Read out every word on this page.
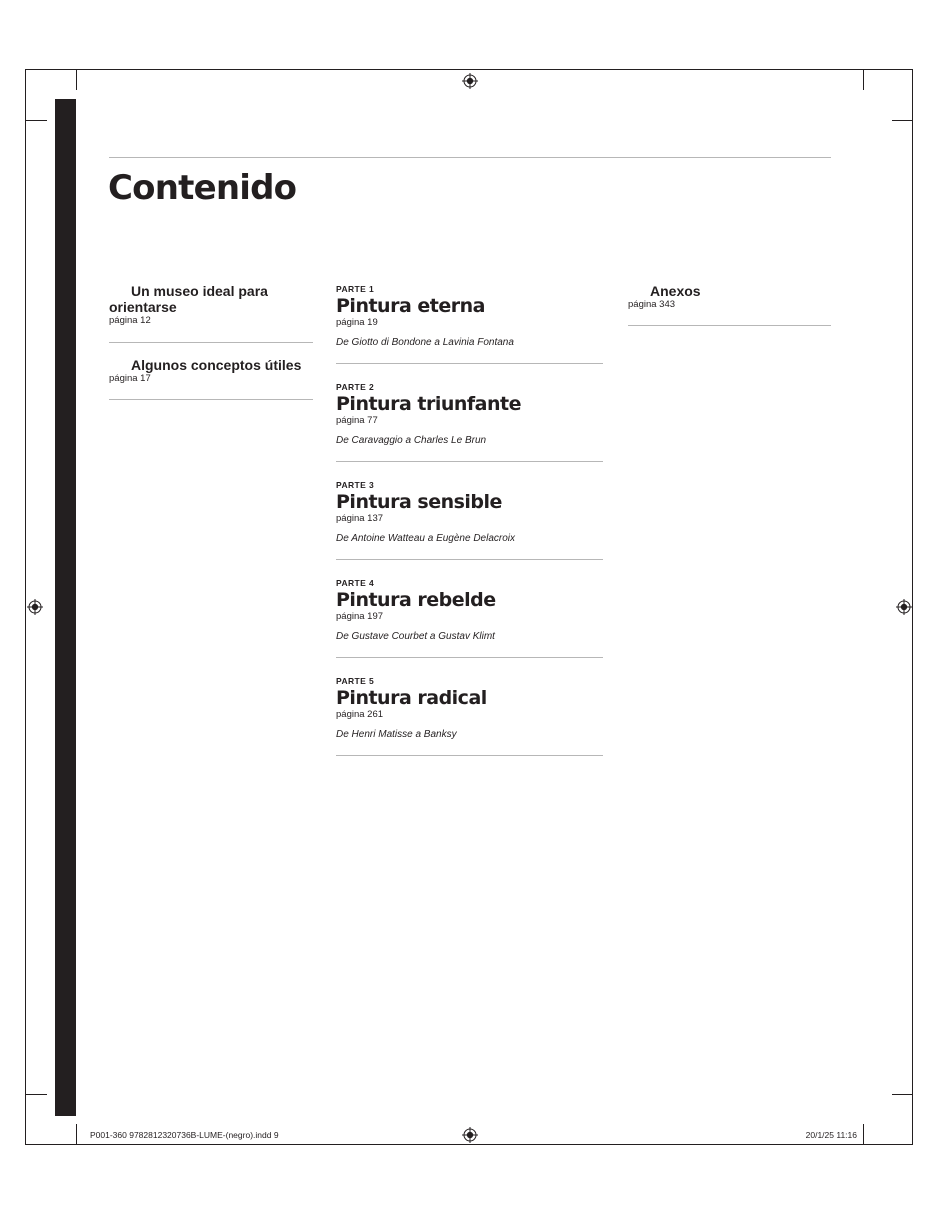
P001-360 9782812320736B-LUME-(negro).indd 9	20/1/25 11:16
Contenido
Un museo ideal para orientarse
página 12
Algunos conceptos útiles
página 17
PARTE 1
Pintura eterna
página 19
De Giotto di Bondone a Lavinia Fontana
PARTE 2
Pintura triunfante
página 77
De Caravaggio a Charles Le Brun
PARTE 3
Pintura sensible
página 137
De Antoine Watteau a Eugène Delacroix
PARTE 4
Pintura rebelde
página 197
De Gustave Courbet a Gustav Klimt
PARTE 5
Pintura radical
página 261
De Henri Matisse a Banksy
Anexos
página 343
